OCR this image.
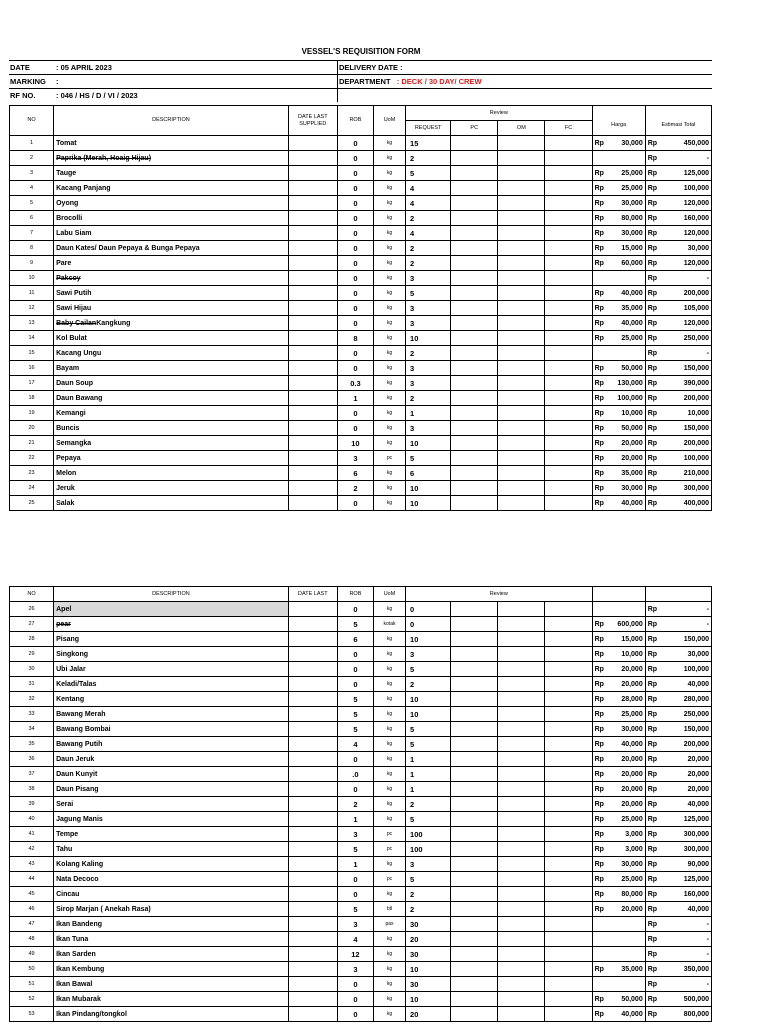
VESSEL'S REQUISITION FORM
DATE	: 05 APRIL 2023	DELIVERY DATE :
MARKING	:	DEPARTMENT : DECK / 30 DAY/ CREW
RF NO.	: 046 / HS / D / VI / 2023	
NO	DESCRIPTION	DATE LAST SUPPLIED	ROB	UoM	Review				Harga	Estimasi Total
					REQUEST	PC	OM	FC		
1	Tomat		0	kg	15				Rp 30,000	Rp 450,000

2	Paprika (Merah, Hoaig Hijau)		0	kg	2					Rp -

3	Tauge		0	kg	5				Rp 25,000	Rp 125,000

4	Kacang Panjang		0	kg	4				Rp 25,000	Rp 100,000

5	Oyong		0	kg	4				Rp 30,000	Rp 120,000

6	Brocolli		0	kg	2				Rp 80,000	Rp 160,000

7	Labu Siam		0	kg	4				Rp 30,000	Rp 120,000

8	Daun Kates/ Daun Pepaya & Bunga Pepaya		0	kg	2				Rp 15,000	Rp 30,000

9	Pare		0	kg	2				Rp 60,000	Rp 120,000

10	Pakcoy		0	kg	3					Rp -

11	Sawi Putih		0	kg	5				Rp 40,000	Rp 200,000

12	Sawi Hijau		0	kg	3				Rp 35,000	Rp 105,000

13	Baby CailanKangkung		0	kg	3				Rp 40,000	Rp 120,000

14	Kol Bulat		8	kg	10				Rp 25,000	Rp 250,000

15	Kacang Ungu		0	kg	2					Rp -

16	Bayam		0	kg	3				Rp 50,000	Rp 150,000

17	Daun Soup		0.3	kg	3				Rp 130,000	Rp 390,000

18	Daun Bawang		1	kg	2				Rp 100,000	Rp 200,000

19	Kemangi		0	kg	1				Rp 10,000	Rp 10,000

20	Buncis		0	kg	3				Rp 50,000	Rp 150,000

21	Semangka		10	kg	10				Rp 20,000	Rp 200,000

22	Pepaya		3	pc	5				Rp 20,000	Rp 100,000

23	Melon		6	kg	6				Rp 35,000	Rp 210,000

24	Jeruk		2	kg	10				Rp 30,000	Rp 300,000

25	Salak		0	kg	10				Rp 40,000	Rp 400,000
NO	DESCRIPTION	DATE LAST	ROB	UoM	Review					

26	Apel		0	kg	0					Rp -

27	pear		5	kotak	0				Rp 600,000	Rp -

28	Pisang		6	kg	10				Rp 15,000	Rp 150,000

29	Singkong		0	kg	3				Rp 10,000	Rp 30,000

30	Ubi Jalar		0	kg	5				Rp 20,000	Rp 100,000

31	Keladi/Talas		0	kg	2				Rp 20,000	Rp 40,000

32	Kentang		5	kg	10				Rp 28,000	Rp 280,000

33	Bawang Merah		5	kg	10				Rp 25,000	Rp 250,000

34	Bawang Bombai		5	kg	5				Rp 30,000	Rp 150,000

35	Bawang Putih		4	kg	5				Rp 40,000	Rp 200,000

36	Daun Jeruk		0	kg	1				Rp 20,000	Rp 20,000

37	Daun Kunyit		.0	kg	1				Rp 20,000	Rp 20,000

38	Daun Pisang		0	kg	1				Rp 20,000	Rp 20,000

39	Serai		2	kg	2				Rp 20,000	Rp 40,000

40	Jagung Manis		1	kg	5				Rp 25,000	Rp 125,000

41	Tempe		3	pc	100				Rp 3,000	Rp 300,000

42	Tahu		5	pc	100				Rp 3,000	Rp 300,000

43	Kolang Kaling		1	kg	3				Rp 30,000	Rp 90,000

44	Nata Decoco		0	pc	5				Rp 25,000	Rp 125,000

45	Cincau		0	kg	2				Rp 80,000	Rp 160,000

46	Sirop Marjan ( Anekah Rasa)		5	btl	2				Rp 20,000	Rp 40,000

47	Ikan Bandeng		3	pax	30					Rp -

48	Ikan Tuna		4	kg	20					Rp -

49	Ikan Sarden		12	kg	30					Rp -

50	Ikan Kembung		3	kg	10				Rp 35,000	Rp 350,000

51	Ikan Bawal		0	kg	30					Rp -

52	Ikan Mubarak		0	kg	10				Rp 50,000	Rp 500,000

53	Ikan Pindang/tongkol		0	kg	20				Rp 40,000	Rp 800,000
